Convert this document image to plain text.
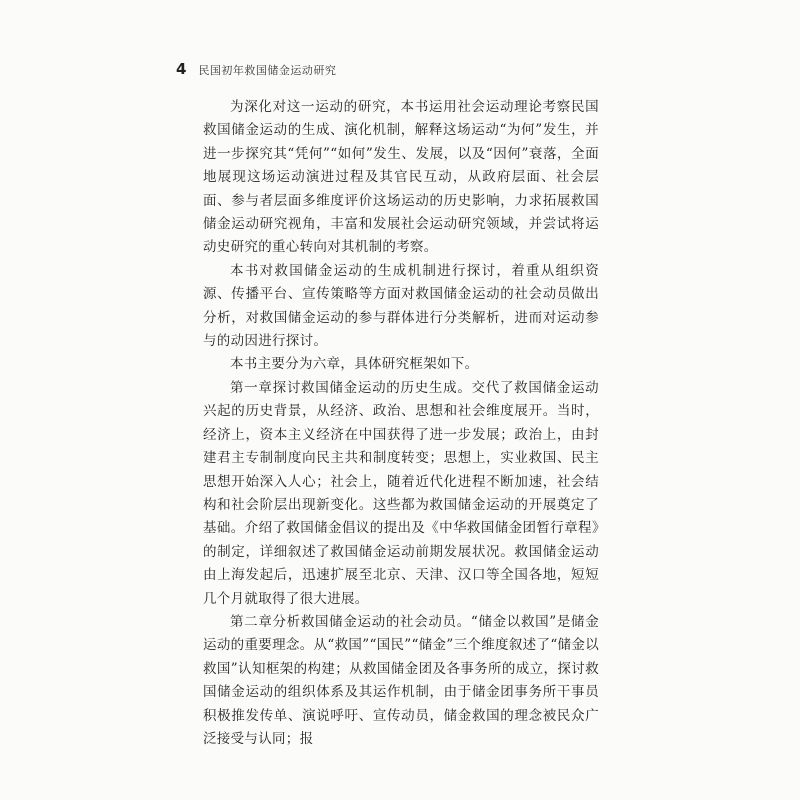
4 民国初年救国储金运动研究

为深化对这一运动的研究，本书运用社会运动理论考察民国救国储金运动的生成、演化机制，解释这场运动“为何”发生，并进一步探究其“凭何”“如何”发生、发展，以及“因何”衰落，全面地展现这场运动演进过程及其官民互动，从政府层面、社会层面、参与者层面多维度评价这场运动的历史影响，力求拓展救国储金运动研究视角，丰富和发展社会运动研究领域，并尝试将运动史研究的重心转向对其机制的考察。

本书对救国储金运动的生成机制进行探讨，着重从组织资源、传播平台、宣传策略等方面对救国储金运动的社会动员做出分析，对救国储金运动的参与群体进行分类解析，进而对运动参与的动因进行探讨。

本书主要分为六章，具体研究框架如下。

第一章探讨救国储金运动的历史生成。交代了救国储金运动兴起的历史背景，从经济、政治、思想和社会维度展开。当时，经济上，资本主义经济在中国获得了进一步发展；政治上，由封建君主专制制度向民主共和制度转变；思想上，实业救国、民主思想开始深入人心；社会上，随着近代化进程不断加速，社会结构和社会阶层出现新变化。这些都为救国储金运动的开展奠定了基础。介绍了救国储金倡议的提出及《中华救国储金团暂行章程》的制定，详细叙述了救国储金运动前期发展状况。救国储金运动由上海发起后，迅速扩展至北京、天津、汉口等全国各地，短短几个月就取得了很大进展。

第二章分析救国储金运动的社会动员。“储金以救国”是储金运动的重要理念。从“救国”“国民”“储金”三个维度叙述了“储金以救国”认知框架的构建；从救国储金团及各事务所的成立，探讨救国储金运动的组织体系及其运作机制，由于储金团事务所干事员积极推发传单、演说呼吁、宣传动员，储金救国的理念被民众广泛接受与认同；报
